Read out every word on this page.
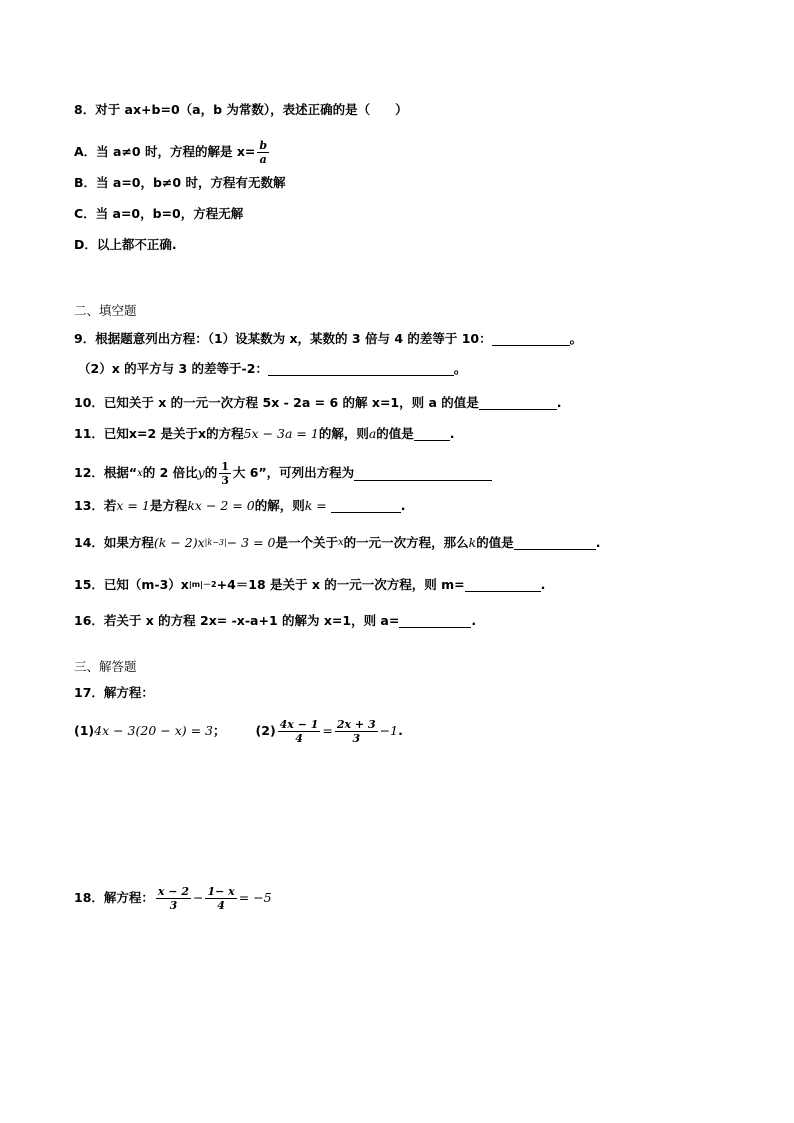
8．对于 ax+b=0（a，b 为常数），表述正确的是（　　）
A．当 a≠0 时，方程的解是 $x= \frac{b}{a}$
B．当 a=0，b≠0 时，方程有无数解
C．当 a=0，b=0，方程无解
D．以上都不正确.
二、填空题
9．根据题意列出方程：（1）设某数为 x，某数的 3 倍与 4 的差等于 10：	。
（2）x 的平方与 3 的差等于-2：	。
10．已知关于 x 的一元一次方程 5x - 2a = 6 的解 x=1，则 a 的值是	.
11．已知 x =2 是关于 x 的方程 5x − 3a = 1 的解，则 a 的值是	.
12．根据“ x 的 2 倍比 y 的 $\frac{1}{3}$ 大 6”，可列出方程为
13．若 x = 1 是方程 kx − 2 = 0 的解，则 k =	.
14．如果方程 (k − 2)x |k−3| − 3 = 0 是一个关于 x 的一元一次方程，那么 k 的值是	.
15．已知（m-3）x |m|－2 +4＝18 是关于 x 的一元一次方程，则 m=	.
16．若关于 x 的方程 2x= -x-a+1 的解为 x=1，则 a=	.
三、解答题
17．解方程：
(1) 4x − 3(20 − x) = 3 ； $(2) \frac{4x - 1}{4} = \frac{2x + 3}{3} -1$ .
18．解方程： $\frac{x - 2}{3} - \frac{1- x}{4} = -5$
